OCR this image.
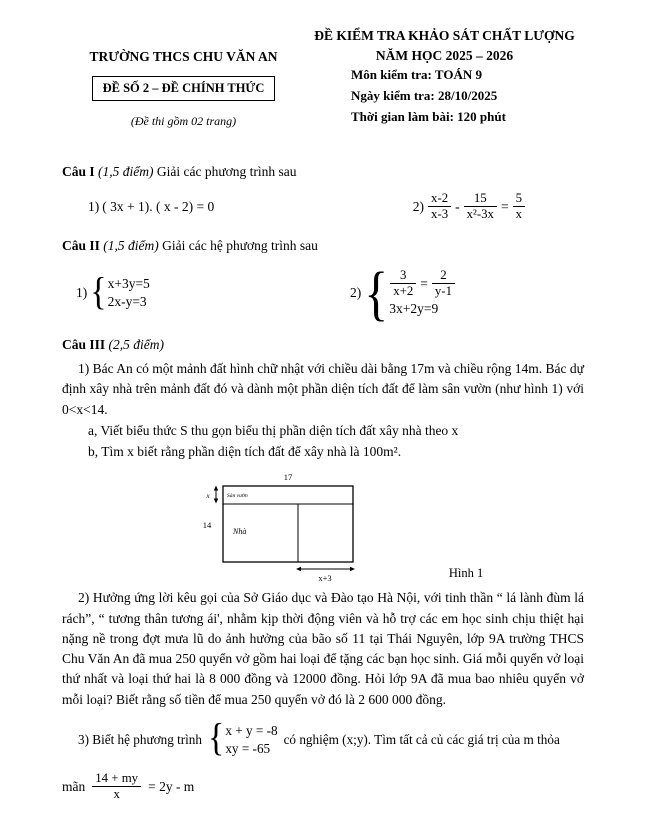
TRƯỜNG THCS CHU VĂN AN
ĐỀ SỐ 2 – ĐỀ CHÍNH THỨC
(Đề thi gồm 02 trang)
ĐỀ KIỂM TRA KHẢO SÁT CHẤT LƯỢNG
NĂM HỌC 2025 – 2026
Môn kiểm tra: TOÁN 9
Ngày kiểm tra: 28/10/2025
Thời gian làm bài: 120 phút
Câu I (1,5 điểm) Giải các phương trình sau
1) ( 3x + 1). ( x - 2) = 0	$2) \frac{x-2}{x-3} - \frac{15}{\text{x²-3x}} = \frac{5}{x}$
Câu II (1,5 điểm) Giải các hệ phương trình sau
1) { x+3y=5
2x-y=3
2) { $\frac{3}{x+2} = \frac{2}{y-1}$
3x+2y=9
Câu III (2,5 điểm)
1) Bác An có một mảnh đất hình chữ nhật với chiều dài bằng 17m và chiều rộng 14m. Bác dự định xây nhà trên mảnh đất đó và dành một phần diện tích đất để làm sân vườn (như hình 1) với 0<x<14.
a, Viết biểu thức S thu gọn biểu thị phần diện tích đất xây nhà theo x
b, Tìm x biết rằng phần diện tích đất để xây nhà là 100m².
17
Sân vườn
Nhà
14
x
x+3	Hình 1
2) Hưởng ứng lời kêu gọi của Sở Giáo dục và Đào tạo Hà Nội, với tinh thần “ lá lành đùm lá rách”, “ tương thân tương ái', nhằm kịp thời động viên và hỗ trợ các em học sinh chịu thiệt hại nặng nề trong đợt mưa lũ do ảnh hưởng của bão số 11 tại Thái Nguyên, lớp 9A trường THCS Chu Văn An đã mua 250 quyển vở gồm hai loại để tặng các bạn học sinh. Giá mỗi quyển vở loại thứ nhất và loại thứ hai là 8 000 đồng và 12000 đồng. Hỏi lớp 9A đã mua bao nhiêu quyển vở mỗi loại? Biết rằng số tiền để mua 250 quyển vở đó là 2 600 000 đồng.
3) Biết hệ phương trình { x + y = -8
xy = -65
có nghiệm (x;y). Tìm tất cả củ các giá trị của m thỏa
mãn $\frac{14 + my}{x} = 2y - m$
